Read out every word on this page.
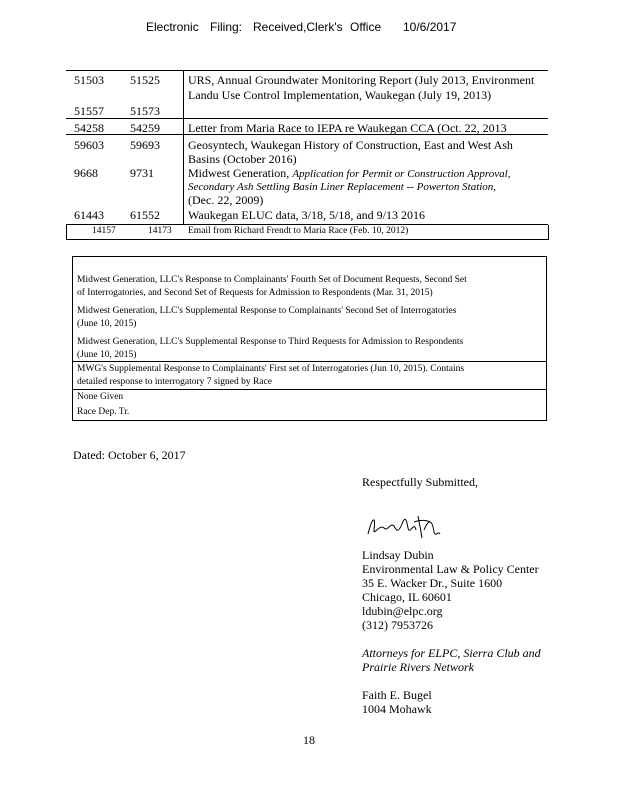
Electronic Filing: Received,Clerk's Office 10/6/2017
51503 51525 URS, Annual Groundwater Monitoring Report (July 2013, Environment
Landu Use Control Implementation, Waukegan (July 19, 2013)
51557 51573
54258 54259 Letter from Maria Race to IEPA re Waukegan CCA (Oct. 22, 2013
59603 59693 Geosyntech, Waukegan History of Construction, East and West Ash
Basins (October 2016)
9668	9731	Midwest Generation, Application for Permit or Construction Approval,
Secondary Ash Settling Basin Liner Replacement -- Powerton Station,
(Dec. 22, 2009)
61443 61552 Waukegan ELUC data, 3/18, 5/18, and 9/13 2016
14157	14173 Email from Richard Frendt to Maria Race (Feb. 10, 2012)
Midwest Generation, LLC's Response to Complainants' Fourth Set of Document Requests, Second Set
of Interrogatories, and Second Set of Requests for Admission to Respondents (Mar. 31, 2015)
Midwest Generation, LLC's Supplemental Response to Complainants' Second Set of Interrogatories
(June 10, 2015)
Midwest Generation, LLC's Supplemental Response to Third Requests for Admission to Respondents
(June 10, 2015)
MWG's Supplemental Response to Complainants' First set of Interrogatories (Jun 10, 2015). Contains
detailed response to interrogatory 7 signed by Race
None Given
Race Dep. Tr.
Dated: October 6, 2017
Respectfully Submitted,
Lindsay Dubin
Environmental Law & Policy Center
35 E. Wacker Dr., Suite 1600
Chicago, IL 60601
ldubin@elpc.org
(312) 7953726
Attorneys for ELPC, Sierra Club and
Prairie Rivers Network
Faith E. Bugel
1004 Mohawk
18
